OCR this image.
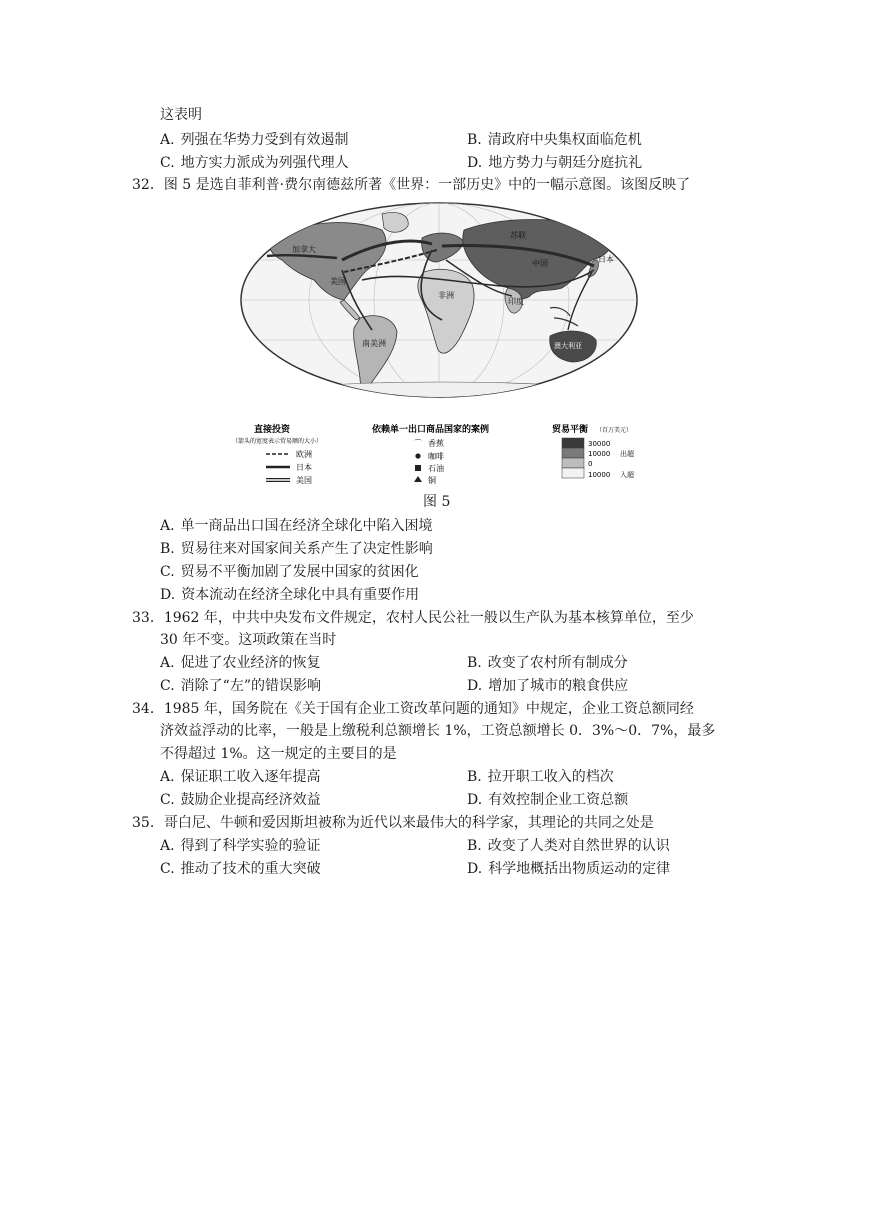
这表明
A. 列强在华势力受到有效遏制	B. 清政府中央集权面临危机
C. 地方实力派成为列强代理人	D. 地方势力与朝廷分庭抗礼
32．图 5 是选自菲利普·费尔南德兹所著《世界：一部历史》中的一幅示意图。该图反映了
加拿大
美国
苏联
中国	日本
南美洲
非洲
印度
澳大利亚
直接投资
（箭头的宽度表示贸易额的大小）
欧洲
日本
美国
依赖单一出口商品国家的案例
⌒ 香蕉
咖啡
石油
铜
贸易平衡 （百万美元）
30000
10000 出超
0
10000 入超
图 5
A. 单一商品出口国在经济全球化中陷入困境
B. 贸易往来对国家间关系产生了决定性影响
C. 贸易不平衡加剧了发展中国家的贫困化
D. 资本流动在经济全球化中具有重要作用
33．1962 年，中共中央发布文件规定，农村人民公社一般以生产队为基本核算单位，至少
30 年不变。这项政策在当时
A. 促进了农业经济的恢复	B. 改变了农村所有制成分
C. 消除了“左”的错误影响	D. 增加了城市的粮食供应
34．1985 年，国务院在《关于国有企业工资改革问题的通知》中规定，企业工资总额同经
济效益浮动的比率，一般是上缴税利总额增长 1%，工资总额增长 0．3%～0．7%，最多
不得超过 1%。这一规定的主要目的是
A. 保证职工收入逐年提高	B. 拉开职工收入的档次
C. 鼓励企业提高经济效益	D. 有效控制企业工资总额
35．哥白尼、牛顿和爱因斯坦被称为近代以来最伟大的科学家，其理论的共同之处是
A. 得到了科学实验的验证	B. 改变了人类对自然世界的认识
C. 推动了技术的重大突破	D. 科学地概括出物质运动的定律
